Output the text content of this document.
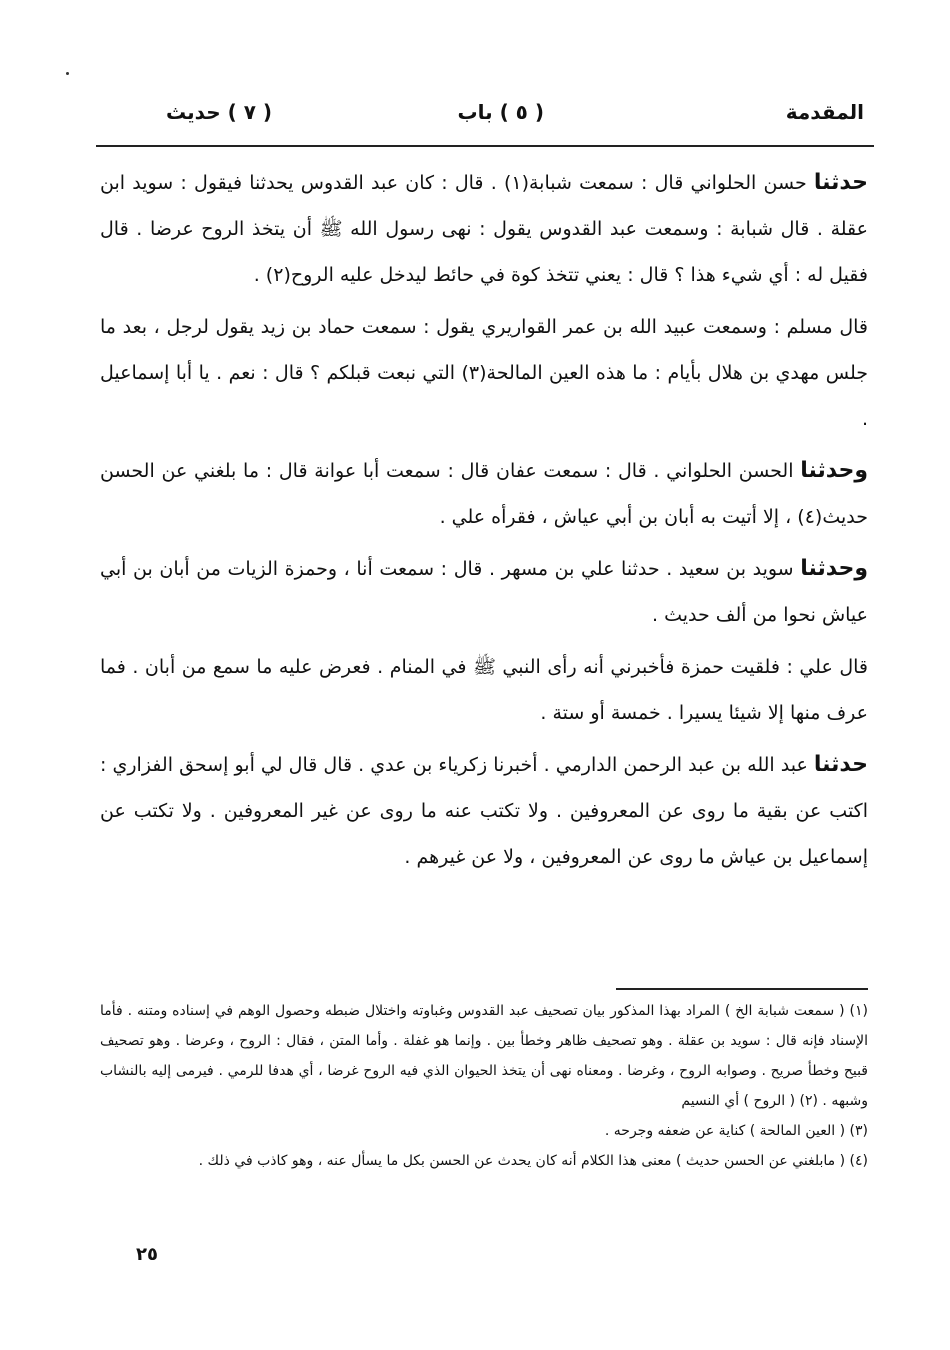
المقدمة
( ٥ ) باب
( ٧ ) حديث

حدثنا حسن الحلواني قال : سمعت شبابة(١) . قال : كان عبد القدوس يحدثنا فيقول : سويد ابن عقلة . قال شبابة : وسمعت عبد القدوس يقول : نهى رسول الله ﷺ أن يتخذ الروح عرضا . قال فقيل له : أي شيء هذا ؟ قال : يعني تتخذ كوة في حائط ليدخل عليه الروح(٢) .

قال مسلم : وسمعت عبيد الله بن عمر القواريري يقول : سمعت حماد بن زيد يقول لرجل ، بعد ما جلس مهدي بن هلال بأيام : ما هذه العين المالحة(٣) التي نبعت قبلكم ؟ قال : نعم . يا أبا إسماعيل .

وحدثنا الحسن الحلواني . قال : سمعت عفان قال : سمعت أبا عوانة قال : ما بلغني عن الحسن حديث(٤) ، إلا أتيت به أبان بن أبي عياش ، فقرأه علي .

وحدثنا سويد بن سعيد . حدثنا علي بن مسهر . قال : سمعت أنا ، وحمزة الزيات من أبان بن أبي عياش نحوا من ألف حديث .

قال علي : فلقيت حمزة فأخبرني أنه رأى النبي ﷺ في المنام . فعرض عليه ما سمع من أبان . فما عرف منها إلا شيئا يسيرا . خمسة أو ستة .

حدثنا عبد الله بن عبد الرحمن الدارمي . أخبرنا زكرياء بن عدي . قال قال لي أبو إسحق الفزاري : اكتب عن بقية ما روى عن المعروفين . ولا تكتب عنه ما روى عن غير المعروفين . ولا تكتب عن إسماعيل بن عياش ما روى عن المعروفين ، ولا عن غيرهم .

(١) ( سمعت شبابة الخ ) المراد بهذا المذكور بيان تصحيف عبد القدوس وغباوته واختلال ضبطه وحصول الوهم في إسناده ومتنه . فأما الإسناد فإنه قال : سويد بن عقلة . وهو تصحيف ظاهر وخطأ بين . وإنما هو غفلة . وأما المتن ، فقال : الروح ، وعرضا . وهو تصحيف قبيح وخطأ صريح . وصوابه الروح ، وغرضا . ومعناه نهى أن يتخذ الحيوان الذي فيه الروح غرضا ، أي هدفا للرمي . فيرمى إليه بالنشاب وشبهه . (٢) ( الروح ) أي النسيم

(٣) ( العين المالحة ) كناية عن ضعفه وجرحه .

(٤) ( مابلغني عن الحسن حديث ) معنى هذا الكلام أنه كان يحدث عن الحسن بكل ما يسأل عنه ، وهو كاذب في ذلك .

٢٥
